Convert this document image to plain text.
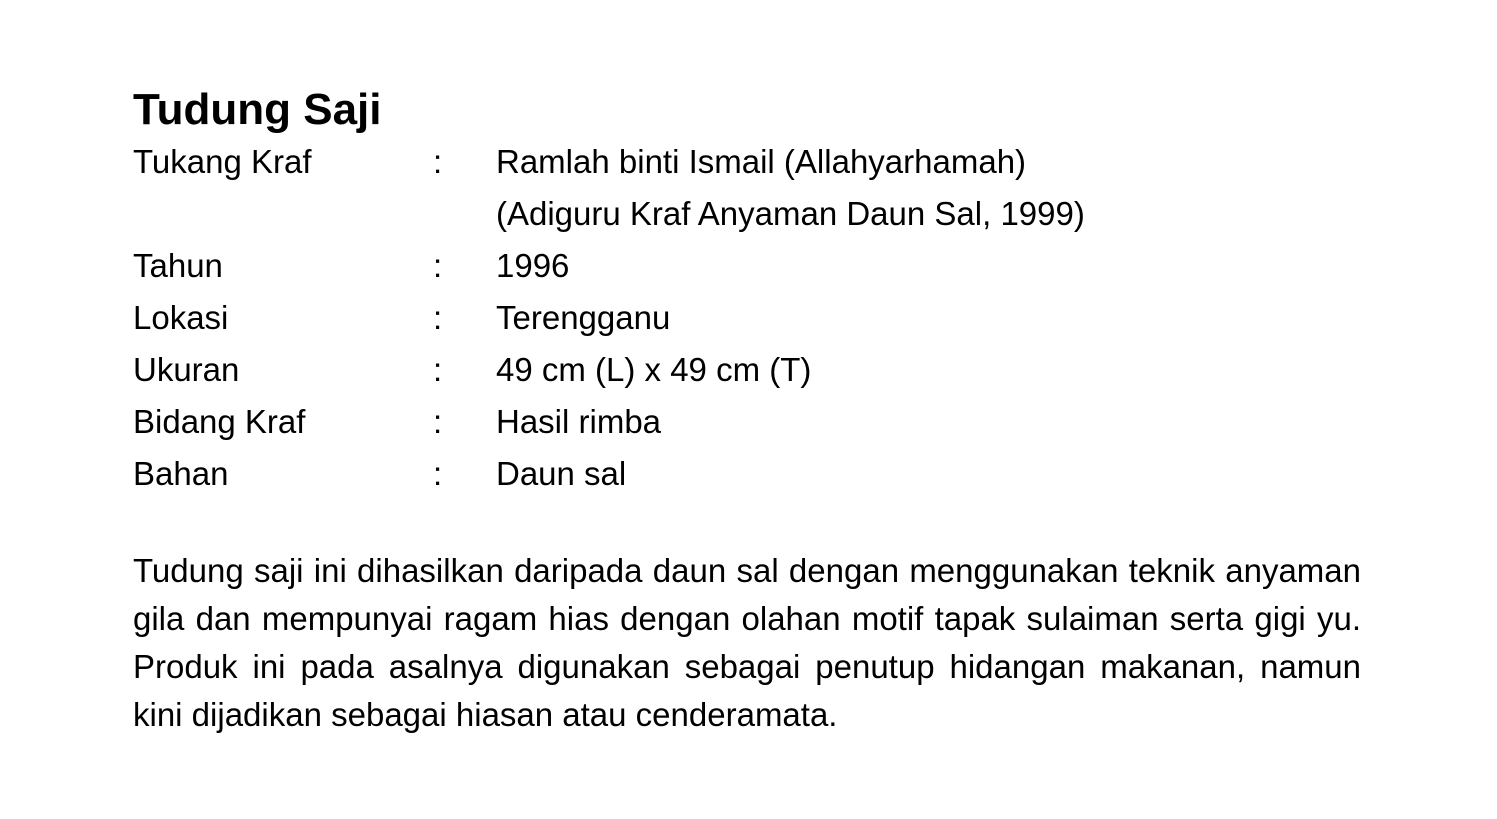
Tudung Saji
Tukang Kraf	:	Ramlah binti Ismail (Allahyarhamah)
(Adiguru Kraf Anyaman Daun Sal, 1999)
Tahun	:	1996
Lokasi	:	Terengganu
Ukuran	:	49 cm (L) x 49 cm (T)
Bidang Kraf	:	Hasil rimba
Bahan	:	Daun sal

Tudung saji ini dihasilkan daripada daun sal dengan menggunakan teknik anyaman gila dan mempunyai ragam hias dengan olahan motif tapak sulaiman serta gigi yu. Produk ini pada asalnya digunakan sebagai penutup hidangan makanan, namun kini dijadikan sebagai hiasan atau cenderamata.
